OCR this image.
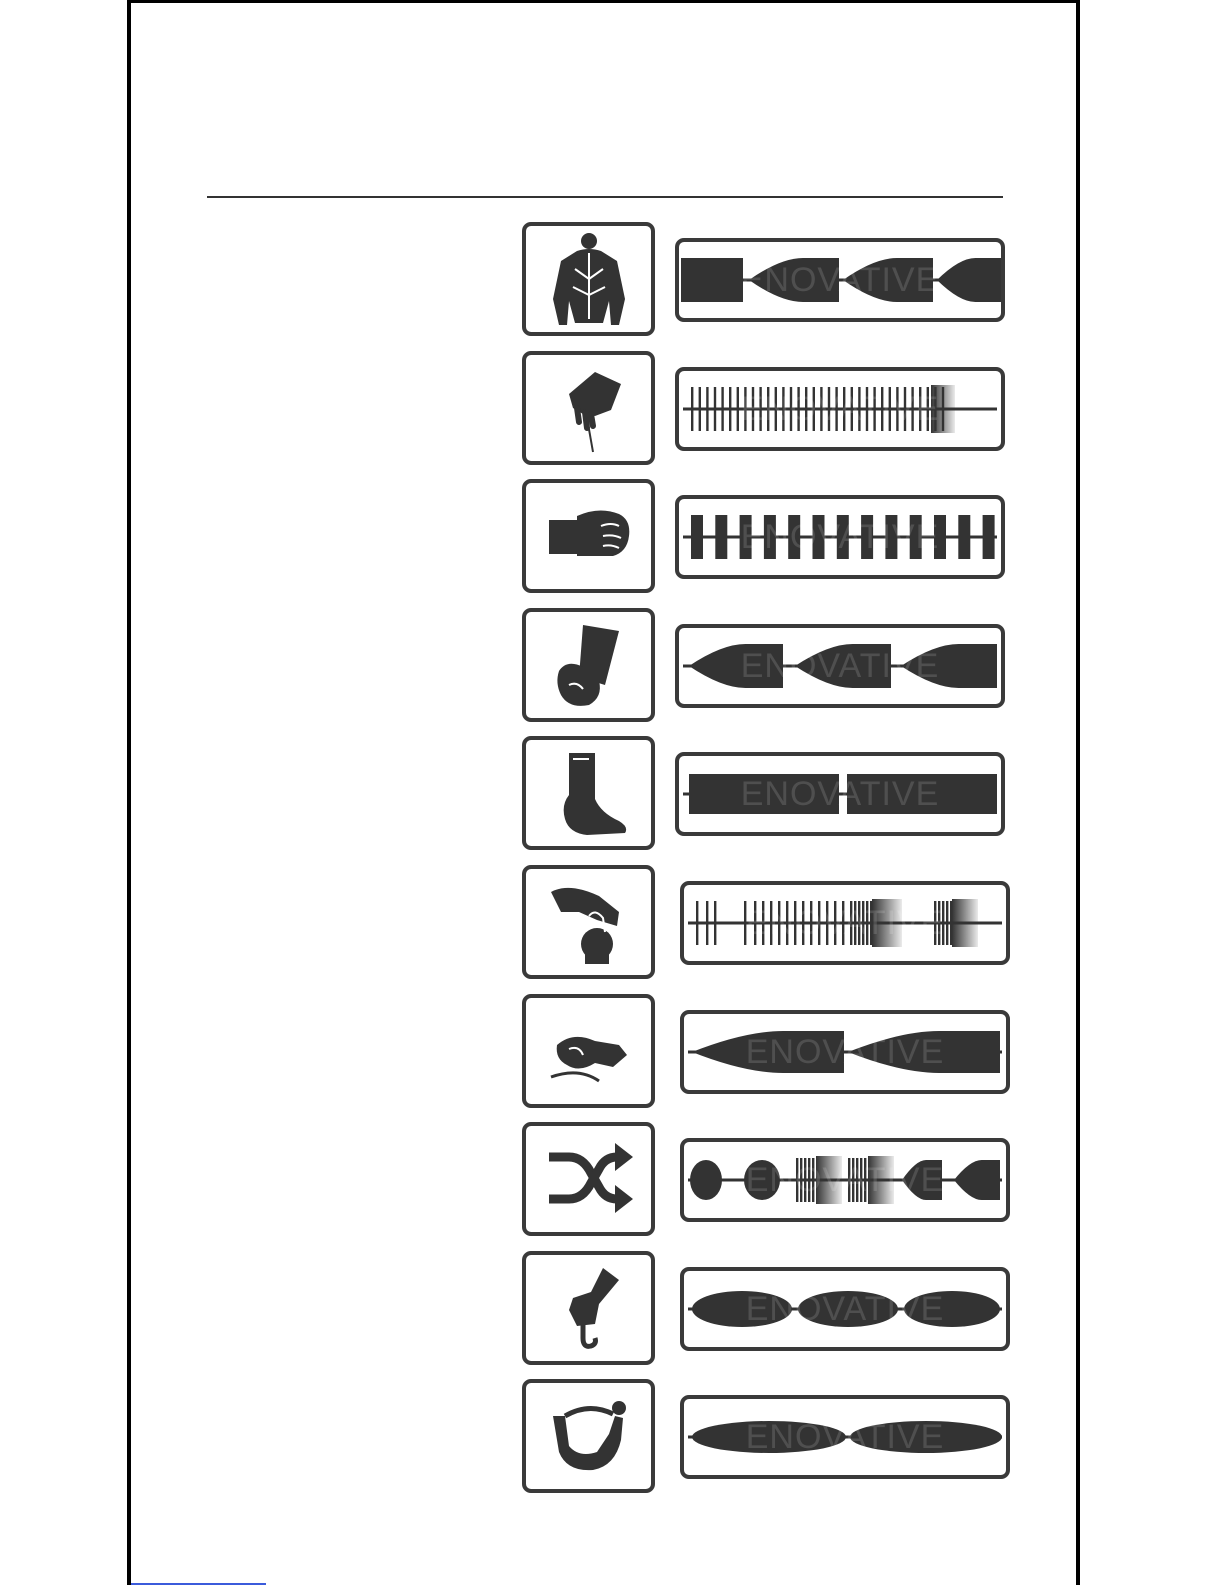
ENOVATIVE
ENOVATIVE
ENOVATIVE
ENOVATIVE
ENOVATIVE
ENOVATIVE
